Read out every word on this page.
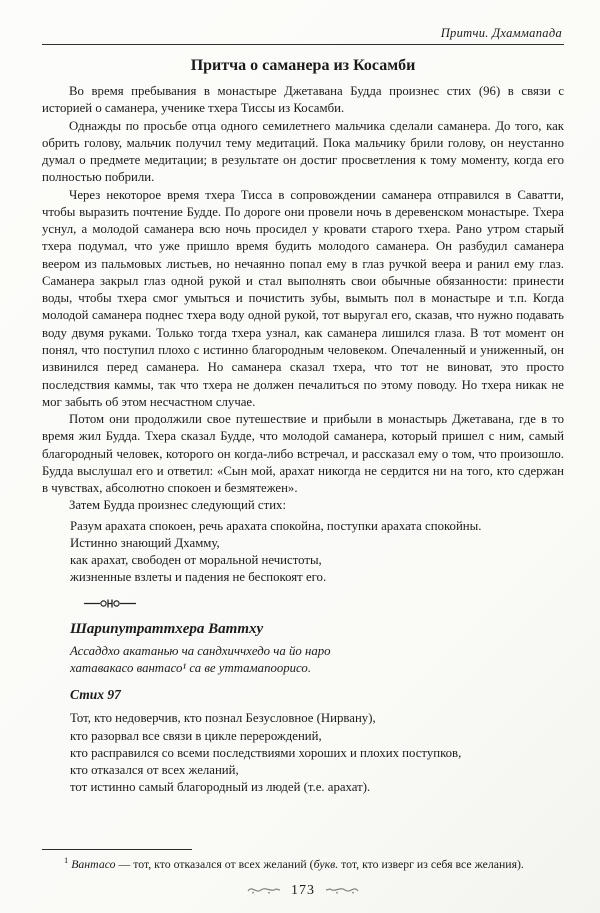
Притчи. Дхаммапада
Притча о саманера из Косамби

Во время пребывания в монастыре Джетавана Будда произнес стих (96) в связи с историей о саманера, ученике тхера Тиссы из Косамби.

Однажды по просьбе отца одного семилетнего мальчика сделали саманера. До того, как обрить голову, мальчик получил тему медитаций. Пока мальчику брили голову, он неустанно думал о предмете медитации; в результате он достиг просветления к тому моменту, когда его полностью побрили.

Через некоторое время тхера Тисса в сопровождении саманера отправился в Саватти, чтобы выразить почтение Будде. По дороге они провели ночь в деревенском монастыре. Тхера уснул, а молодой саманера всю ночь просидел у кровати старого тхера. Рано утром старый тхера подумал, что уже пришло время будить молодого саманера. Он разбудил саманера веером из пальмовых листьев, но нечаянно попал ему в глаз ручкой веера и ранил ему глаз. Саманера закрыл глаз одной рукой и стал выполнять свои обычные обязанности: принести воды, чтобы тхера смог умыться и почистить зубы, вымыть пол в монастыре и т.п. Когда молодой саманера поднес тхера воду одной рукой, тот выругал его, сказав, что нужно подавать воду двумя руками. Только тогда тхера узнал, как саманера лишился глаза. В тот момент он понял, что поступил плохо с истинно благородным человеком. Опечаленный и униженный, он извинился перед саманера. Но саманера сказал тхера, что тот не виноват, это просто последствия каммы, так что тхера не должен печалиться по этому поводу. Но тхера никак не мог забыть об этом несчастном случае.

Потом они продолжили свое путешествие и прибыли в монастырь Джетавана, где в то время жил Будда. Тхера сказал Будде, что молодой саманера, который пришел с ним, самый благородный человек, которого он когда-либо встречал, и рассказал ему о том, что произошло. Будда выслушал его и ответил: «Сын мой, арахат никогда не сердится ни на того, кто сдержан в чувствах, абсолютно спокоен и безмятежен».

Затем Будда произнес следующий стих:

Разум арахата спокоен, речь арахата спокойна, поступки арахата спокойны.
Истинно знающий Дхамму,
как арахат, свободен от моральной нечистоты,
жизненные взлеты и падения не беспокоят его.
Шарипутраттхера Ваттху
Ассаддхо акатанью ча сандхиччхедо ча йо наро
хатавакасо вантасо¹ са ве уттамапоорисо.
Стих 97
Тот, кто недоверчив, кто познал Безусловное (Нирвану),
кто разорвал все связи в цикле перерождений,
кто расправился со всеми последствиями хороших и плохих поступков,
кто отказался от всех желаний,
тот истинно самый благородный из людей (т.е. арахат).

$^1$ Вантасо — тот, кто отказался от всех желаний (букв. тот, кто изверг из себя все желания).

173
